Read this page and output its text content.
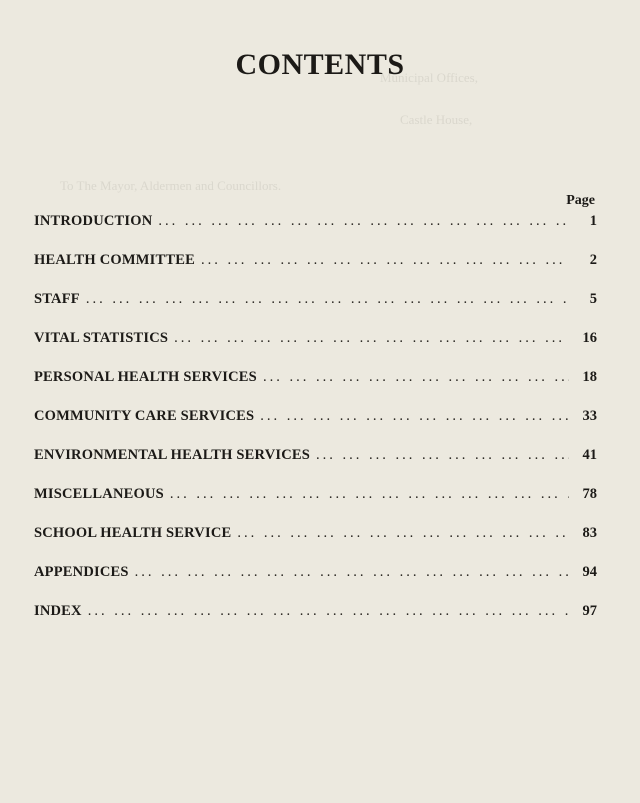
Municipal Offices,
Castle House,
To The Mayor, Aldermen and Councillors.
CONTENTS
Page
INTRODUCTION ... .	1
HEALTH COMMITTEE ... .	2
STAFF ... .	5
VITAL STATISTICS ... .	16
PERSONAL HEALTH SERVICES ... .	18
COMMUNITY CARE SERVICES ... .	33
ENVIRONMENTAL HEALTH SERVICES ... .	41
MISCELLANEOUS ... .	78
SCHOOL HEALTH SERVICE ... .	83
APPENDICES ... .	94
INDEX ... .	97
